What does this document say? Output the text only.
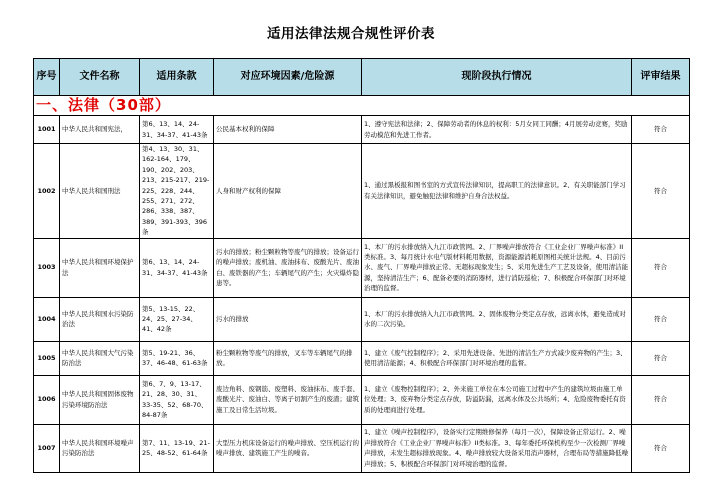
适用法律法规合规性评价表
序号	文件名称	适用条款	对应环境因素/危险源	现阶段执行情况	评审结果
一、法律（30部）					
1001	中华人民共和国宪法，	第6、13、14、24-31、34-37、41-43条	公民基本权利的保障	1、遵守宪法和法律；2、保障劳动者的休息的权利：5月女同工同酬；4月展劳动竞赛，奖励劳动模范和先进工作者。	符合
1002	中华人民共和国刑法	第4、13、30、31、162-164、179、190、202、203、213、215-217、219-225、228、244、255、271、272、286、338、387、389、391-393、396条	人身和财产权利的保障	1、通过黑板报和图书室的方式宣传法律知识，提高职工的法律意识。2、有关职能部门学习有关法律知识，避免触犯法律和维护自身合法权益。	符合
1003	中华人民共和国环境保护法	第6、13、14、24-31、34-37、41-43条	污水的排放；粉尘颗粒物等废气的排放；设备运行的噪声排放；废机油、废油抹布、废酸光片、废油白、废铁器的产生；车辆尾气的产生；火灾爆炸隐患等。	1、本厂的污水排放纳入九江市政管网。2、厂界噪声排放符合《工业企业厂界噪声标准》II类标准。3、每月统计水电气版材料耗用数据，资源能源消耗原图相关统计法规。4、目前污水、废气、厂界噪声排放正常、无超标现象发生；5、采用先进生产工艺及设备，使用清洁能源，坚持清洁生产；6、配备必要的消防器材，进行消防巡检；7、积极配合环保部门对环境治理的监督。	符合
1004	中华人民共和国水污染防治法	第5、13-15、22、24、25、27-34、41、42条	污水的排放	1、本厂的污水排放纳入九江市政管网。2、固体废物分类定点存放，远离水体，避免造成对水的二次污染。	符合
1005	中华人民共和国大气污染防治法	第5、19-21、36、37、46-48、61-63条	粉尘颗粒物等废气的排放，叉车等车辆尾气的排放。	1、建立《废气控制程序》；2、采用先进设备、先进的清洁生产方式减少废弃物的产生；3、使用清洁能源；4、积极配合环保部门对环境治理的监督。	符合
1006	中华人民共和国固体废物污染环境防治法	第6、7、9、13-17、21、28、30、31、33-35、52、68-70、84-87条	废边角料、废钢筋、废塑料、废油抹布、废手套、废酸光片、废油白、等离子切割产生的废渣；建筑施工及日常生活垃圾。	1、建立《废物控制程序》；2、外来施工单位在本公司施工过程中产生的建筑垃圾由施工单位处理；3、废弃物分类定点存放，防溢防漏，远离水体及公共场所；4、危险废物委托有资质的处理商进行处理。	符合
1007	中华人民共和国环境噪声污染防治法	第7、11、13-19、21-25、48-52、61-64条	大型压力机床设备运行的噪声排放、空压机运行的噪声排放、建筑施工产生的噪音。	1、建立《噪声控制程序》，设备实行定期维修保养（每月一次），保障设备正常运行。2、噪声排放符合《工业企业厂界噪声标准》II类标准。3、每年委托环保机构至少一次检测厂界噪声排放，未发生超标排放现象。4、噪声排放较大设备采用消声器材，合理布局等措施降低噪声排放；5、积极配合环保部门对环境治理的监督。	符合
